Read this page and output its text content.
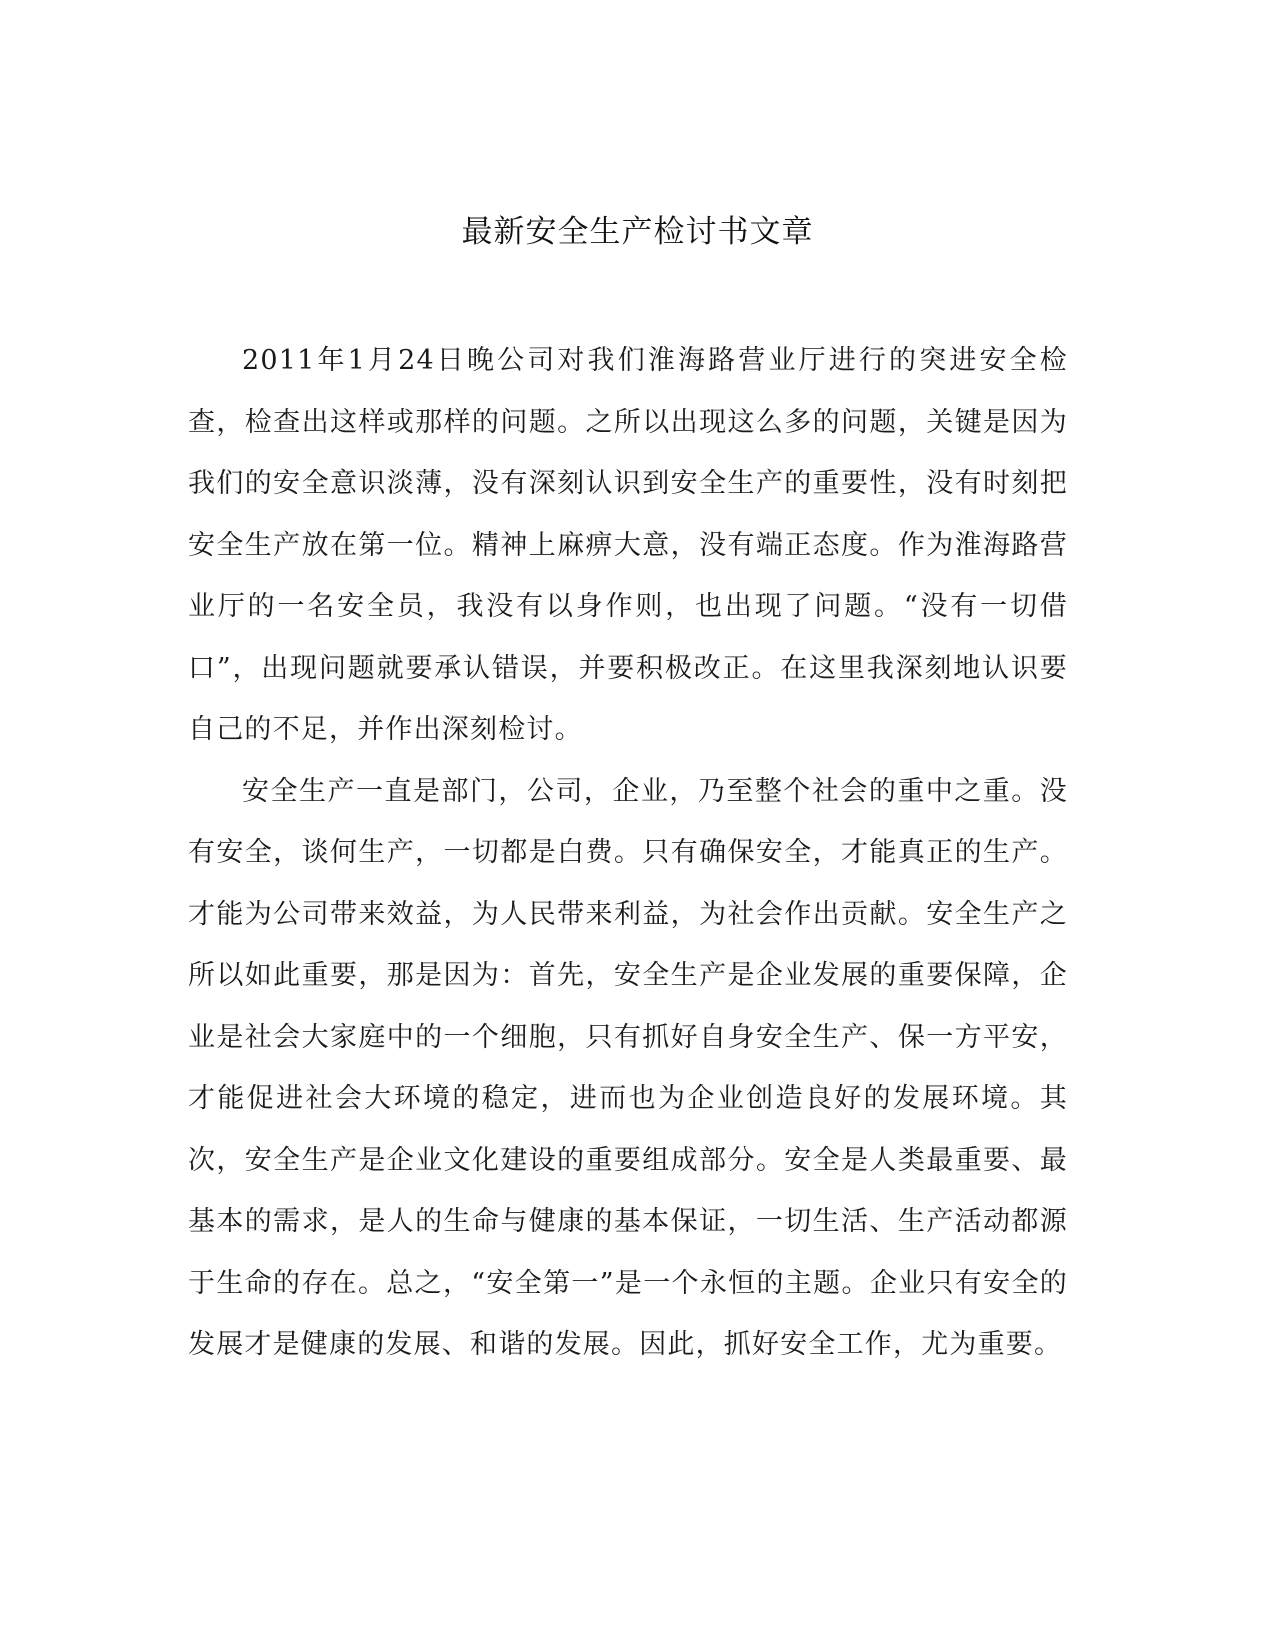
最新安全生产检讨书文章

2011年1月24日晚公司对我们淮海路营业厅进行的突进安全检查，检查出这样或那样的问题。之所以出现这么多的问题，关键是因为我们的安全意识淡薄，没有深刻认识到安全生产的重要性，没有时刻把安全生产放在第一位。精神上麻痹大意，没有端正态度。作为淮海路营业厅的一名安全员，我没有以身作则，也出现了问题。“没有一切借口”，出现问题就要承认错误，并要积极改正。在这里我深刻地认识要自己的不足，并作出深刻检讨。

安全生产一直是部门，公司，企业，乃至整个社会的重中之重。没有安全，谈何生产，一切都是白费。只有确保安全，才能真正的生产。才能为公司带来效益，为人民带来利益，为社会作出贡献。安全生产之所以如此重要，那是因为：首先，安全生产是企业发展的重要保障，企业是社会大家庭中的一个细胞，只有抓好自身安全生产、保一方平安，才能促进社会大环境的稳定，进而也为企业创造良好的发展环境。其次，安全生产是企业文化建设的重要组成部分。安全是人类最重要、最基本的需求，是人的生命与健康的基本保证，一切生活、生产活动都源于生命的存在。总之，“安全第一”是一个永恒的主题。企业只有安全的发展才是健康的发展、和谐的发展。因此，抓好安全工作，尤为重要。
